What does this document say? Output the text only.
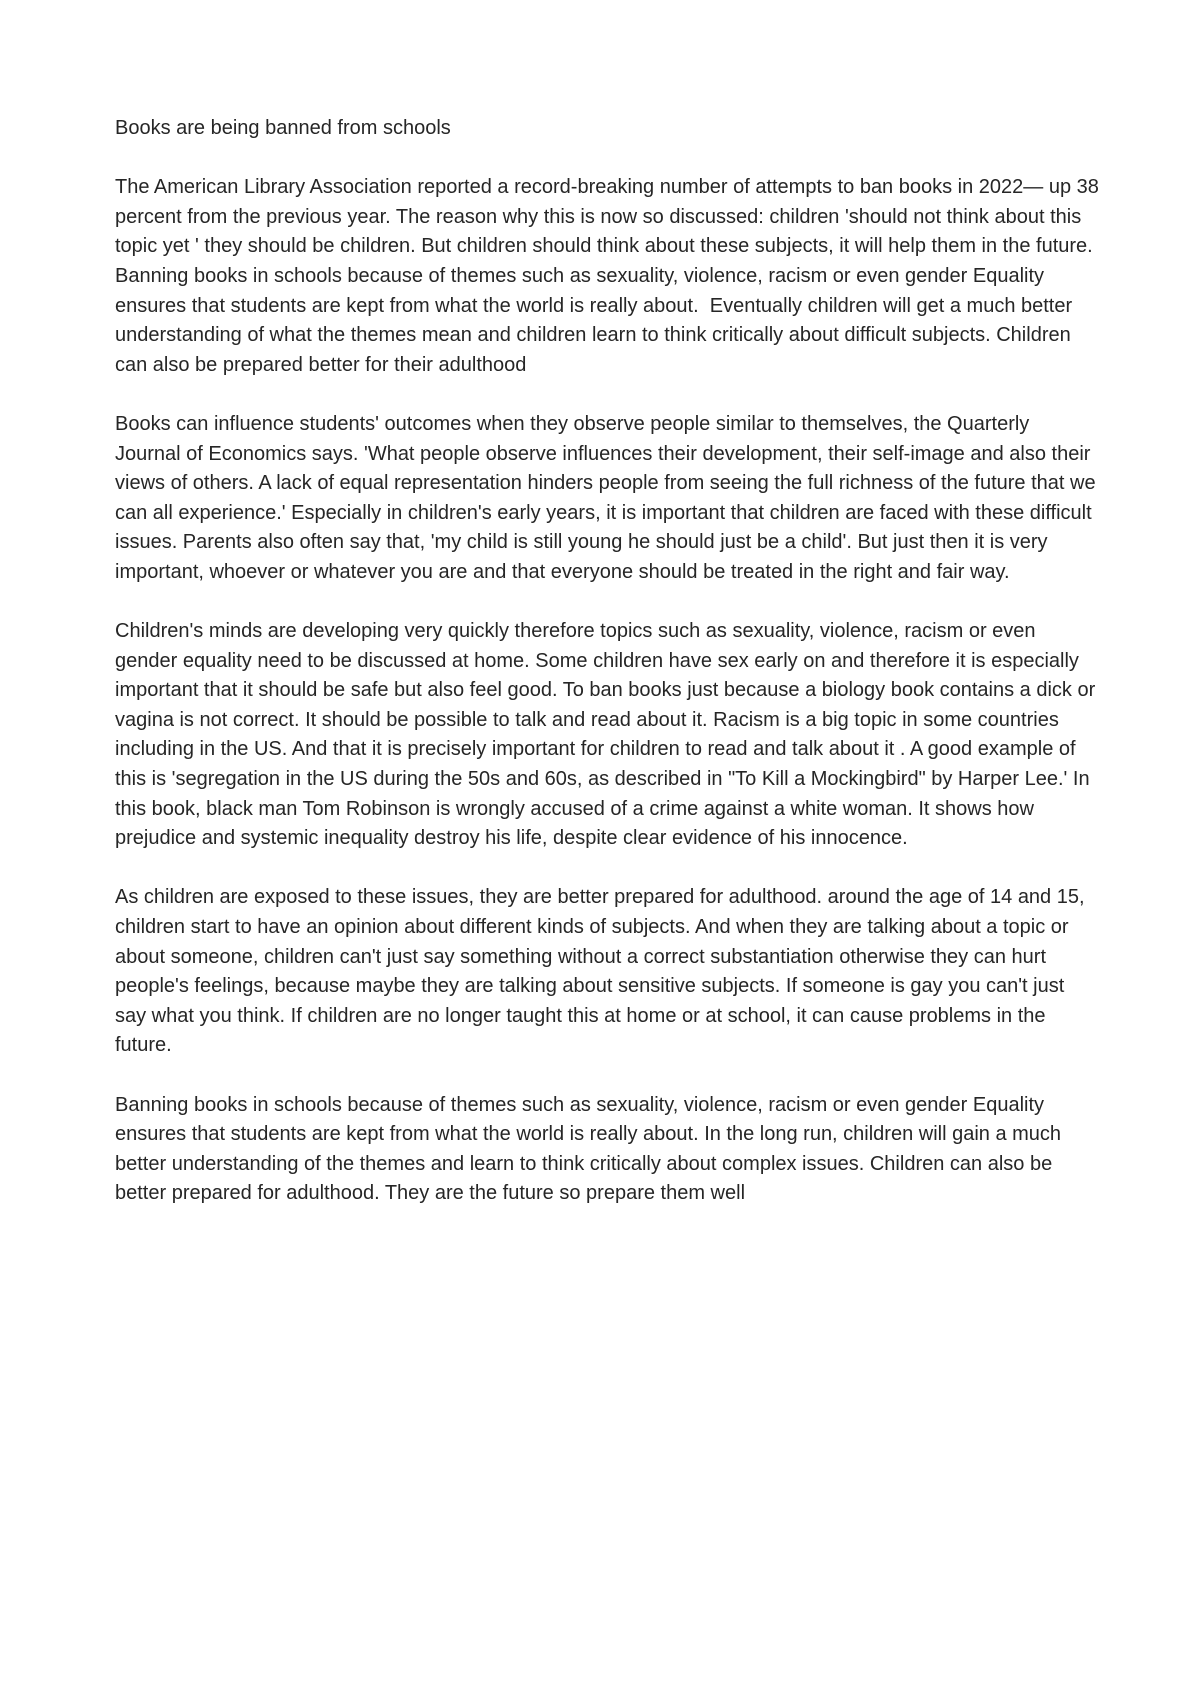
Books are being banned from schools

The American Library Association reported a record-breaking number of attempts to ban books in 2022— up 38 percent from the previous year. The reason why this is now so discussed: children 'should not think about this topic yet ' they should be children. But children should think about these subjects, it will help them in the future. Banning books in schools because of themes such as sexuality, violence, racism or even gender Equality ensures that students are kept from what the world is really about.  Eventually children will get a much better understanding of what the themes mean and children learn to think critically about difficult subjects. Children can also be prepared better for their adulthood

Books can influence students' outcomes when they observe people similar to themselves, the Quarterly Journal of Economics says. 'What people observe influences their development, their self-image and also their views of others. A lack of equal representation hinders people from seeing the full richness of the future that we can all experience.' Especially in children's early years, it is important that children are faced with these difficult issues. Parents also often say that, 'my child is still young he should just be a child'. But just then it is very important, whoever or whatever you are and that everyone should be treated in the right and fair way.

Children's minds are developing very quickly therefore topics such as sexuality, violence, racism or even gender equality need to be discussed at home. Some children have sex early on and therefore it is especially important that it should be safe but also feel good. To ban books just because a biology book contains a dick or vagina is not correct. It should be possible to talk and read about it. Racism is a big topic in some countries including in the US. And that it is precisely important for children to read and talk about it . A good example of this is 'segregation in the US during the 50s and 60s, as described in "To Kill a Mockingbird" by Harper Lee.' In this book, black man Tom Robinson is wrongly accused of a crime against a white woman. It shows how prejudice and systemic inequality destroy his life, despite clear evidence of his innocence.

As children are exposed to these issues, they are better prepared for adulthood. around the age of 14 and 15, children start to have an opinion about different kinds of subjects. And when they are talking about a topic or about someone, children can't just say something without a correct substantiation otherwise they can hurt people's feelings, because maybe they are talking about sensitive subjects. If someone is gay you can't just say what you think. If children are no longer taught this at home or at school, it can cause problems in the future.

Banning books in schools because of themes such as sexuality, violence, racism or even gender Equality ensures that students are kept from what the world is really about. In the long run, children will gain a much better understanding of the themes and learn to think critically about complex issues. Children can also be better prepared for adulthood. They are the future so prepare them well
